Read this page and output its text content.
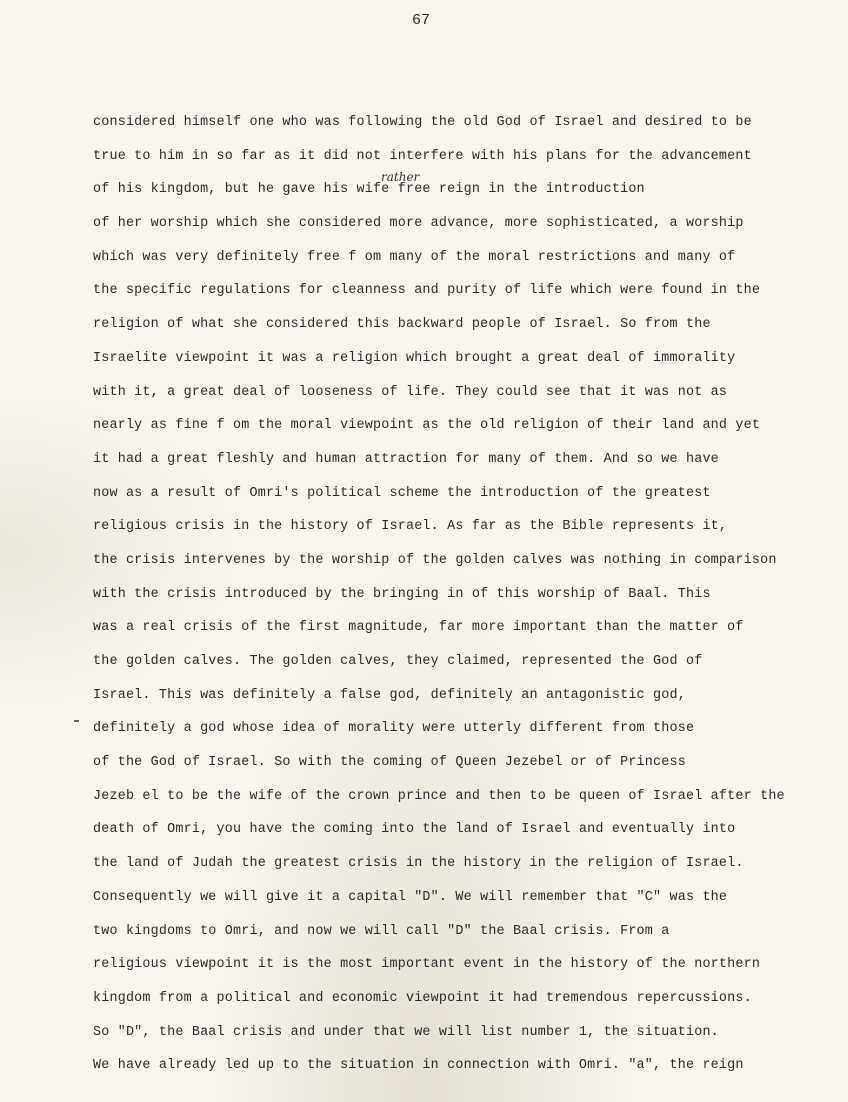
67
rather
considered himself one who was following the old God of Israel and desired to be
true to him in so far as it did not interfere with his plans for the advancement
of his kingdom, but he gave his wife free reign in the introduction
of her worship which she considered more advance, more sophisticated, a worship
which was very definitely free f om many of the moral restrictions and many of
the specific regulations for cleanness and purity of life which were found in the
religion of what she considered this backward people of Israel. So from the
Israelite viewpoint it was a religion which brought a great deal of immorality
with it, a great deal of looseness of life. They could see that it was not as
nearly as fine f om the moral viewpoint as the old religion of their land and yet
it had a great fleshly and human attraction for many of them. And so we have
now as a result of Omri's political scheme the introduction of the greatest
religious crisis in the history of Israel. As far as the Bible represents it,
the crisis intervenes by the worship of the golden calves was nothing in comparison
with the crisis introduced by the bringing in of this worship of Baal. This
was a real crisis of the first magnitude, far more important than the matter of
the golden calves. The golden calves, they claimed, represented the God of
Israel. This was definitely a false god, definitely an antagonistic god,
definitely a god whose idea of morality were utterly different from those
of the God of Israel. So with the coming of Queen Jezebel or of Princess
Jezeb el to be the wife of the crown prince and then to be queen of Israel after the
death of Omri, you have the coming into the land of Israel and eventually into
the land of Judah the greatest crisis in the history in the religion of Israel.
Consequently we will give it a capital "D". We will remember that "C" was the
two kingdoms to Omri, and now we will call "D" the Baal crisis. From a
religious viewpoint it is the most important event in the history of the northern
kingdom from a political and economic viewpoint it had tremendous repercussions.
So "D", the Baal crisis and under that we will list number 1, the situation.
We have already led up to the situation in connection with Omri. "a", the reign
